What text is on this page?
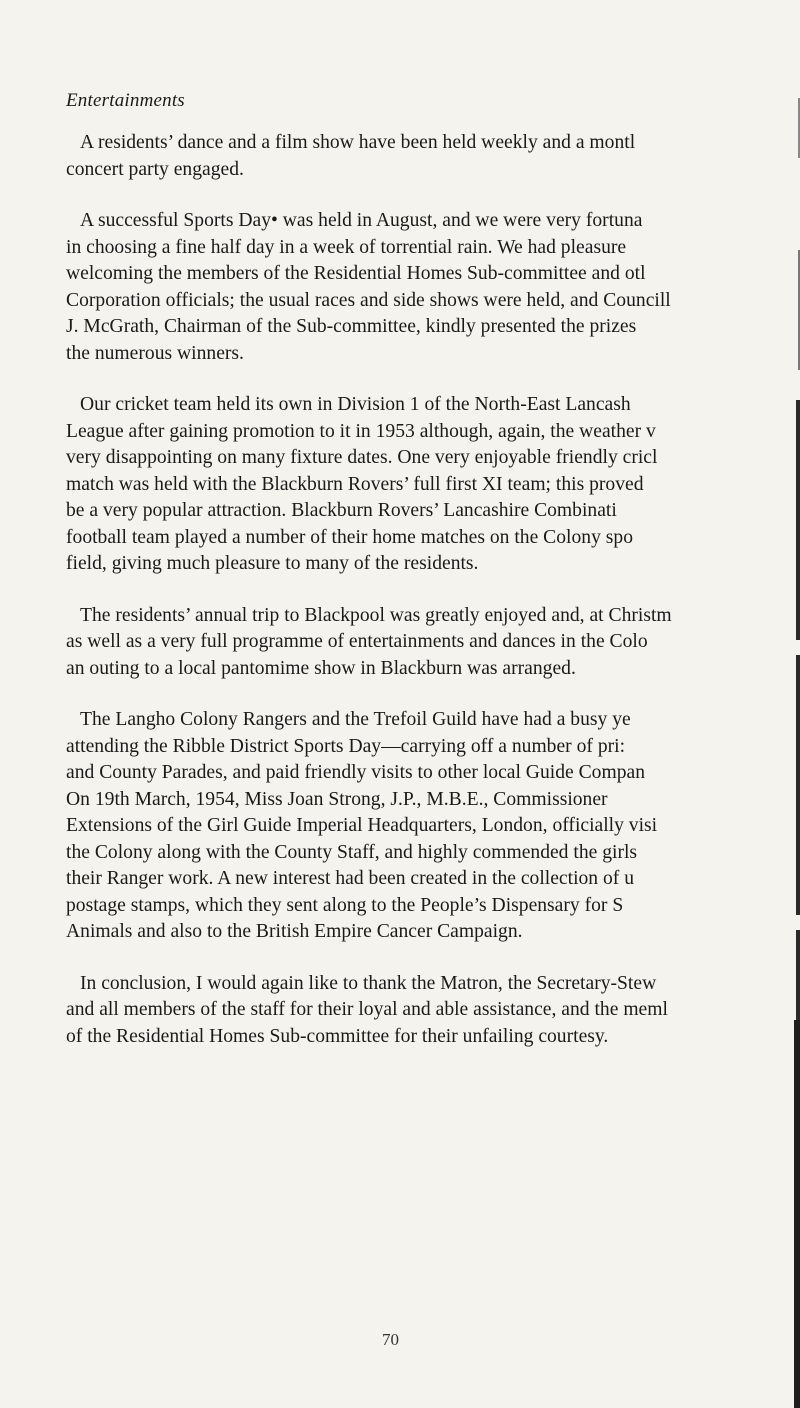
Entertainments

A residents’ dance and a film show have been held weekly and a montl
concert party engaged.

A successful Sports Day• was held in August, and we were very fortuna
in choosing a fine half day in a week of torrential rain. We had pleasure
welcoming the members of the Residential Homes Sub-committee and otl
Corporation officials; the usual races and side shows were held, and Councill
J. McGrath, Chairman of the Sub-committee, kindly presented the prizes
the numerous winners.

Our cricket team held its own in Division 1 of the North-East Lancash
League after gaining promotion to it in 1953 although, again, the weather v
very disappointing on many fixture dates. One very enjoyable friendly cricl
match was held with the Blackburn Rovers’ full first XI team; this proved
be a very popular attraction. Blackburn Rovers’ Lancashire Combinati
football team played a number of their home matches on the Colony spo
field, giving much pleasure to many of the residents.

The residents’ annual trip to Blackpool was greatly enjoyed and, at Christm
as well as a very full programme of entertainments and dances in the Colo
an outing to a local pantomime show in Blackburn was arranged.

The Langho Colony Rangers and the Trefoil Guild have had a busy ye
attending the Ribble District Sports Day—carrying off a number of pri:
and County Parades, and paid friendly visits to other local Guide Compan
On 19th March, 1954, Miss Joan Strong, J.P., M.B.E., Commissioner
Extensions of the Girl Guide Imperial Headquarters, London, officially visi
the Colony along with the County Staff, and highly commended the girls
their Ranger work. A new interest had been created in the collection of u
postage stamps, which they sent along to the People’s Dispensary for S
Animals and also to the British Empire Cancer Campaign.

In conclusion, I would again like to thank the Matron, the Secretary-Stew
and all members of the staff for their loyal and able assistance, and the meml
of the Residential Homes Sub-committee for their unfailing courtesy.

70
